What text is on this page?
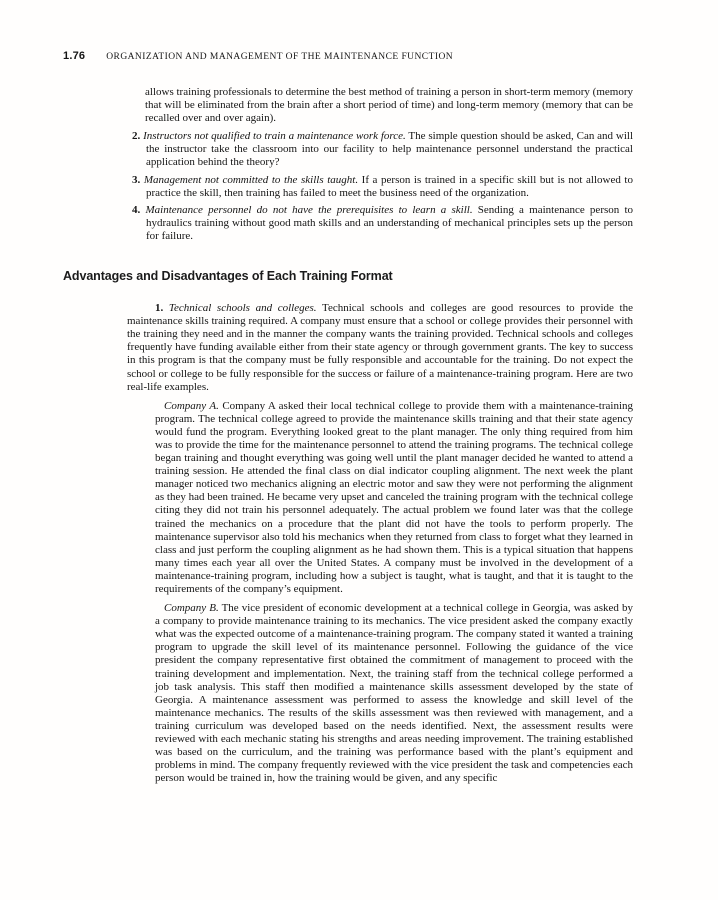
1.76 ORGANIZATION AND MANAGEMENT OF THE MAINTENANCE FUNCTION

allows training professionals to determine the best method of training a person in short-term memory (memory that will be eliminated from the brain after a short period of time) and long-term memory (memory that can be recalled over and over again).

2. Instructors not qualified to train a maintenance work force. The simple question should be asked, Can and will the instructor take the classroom into our facility to help maintenance personnel understand the practical application behind the theory?

3. Management not committed to the skills taught. If a person is trained in a specific skill but is not allowed to practice the skill, then training has failed to meet the business need of the organization.

4. Maintenance personnel do not have the prerequisites to learn a skill. Sending a maintenance person to hydraulics training without good math skills and an understanding of mechanical principles sets up the person for failure.

Advantages and Disadvantages of Each Training Format

1. Technical schools and colleges. Technical schools and colleges are good resources to provide the maintenance skills training required. A company must ensure that a school or college provides their personnel with the training they need and in the manner the company wants the training provided. Technical schools and colleges frequently have funding available either from their state agency or through government grants. The key to success in this program is that the company must be fully responsible and accountable for the training. Do not expect the school or college to be fully responsible for the success or failure of a maintenance-training program. Here are two real-life examples.

Company A. Company A asked their local technical college to provide them with a maintenance-training program. The technical college agreed to provide the maintenance skills training and that their state agency would fund the program. Everything looked great to the plant manager. The only thing required from him was to provide the time for the maintenance personnel to attend the training programs. The technical college began training and thought everything was going well until the plant manager decided he wanted to attend a training session. He attended the final class on dial indicator coupling alignment. The next week the plant manager noticed two mechanics aligning an electric motor and saw they were not performing the alignment as they had been trained. He became very upset and canceled the training program with the technical college citing they did not train his personnel adequately. The actual problem we found later was that the college trained the mechanics on a procedure that the plant did not have the tools to perform properly. The maintenance supervisor also told his mechanics when they returned from class to forget what they learned in class and just perform the coupling alignment as he had shown them. This is a typical situation that happens many times each year all over the United States. A company must be involved in the development of a maintenance-training program, including how a subject is taught, what is taught, and that it is taught to the requirements of the company’s equipment.

Company B. The vice president of economic development at a technical college in Georgia, was asked by a company to provide maintenance training to its mechanics. The vice president asked the company exactly what was the expected outcome of a maintenance-training program. The company stated it wanted a training program to upgrade the skill level of its maintenance personnel. Following the guidance of the vice president the company representative first obtained the commitment of management to proceed with the training development and implementation. Next, the training staff from the technical college performed a job task analysis. This staff then modified a maintenance skills assessment developed by the state of Georgia. A maintenance assessment was performed to assess the knowledge and skill level of the maintenance mechanics. The results of the skills assessment was then reviewed with management, and a training curriculum was developed based on the needs identified. Next, the assessment results were reviewed with each mechanic stating his strengths and areas needing improvement. The training established was based on the curriculum, and the training was performance based with the plant’s equipment and problems in mind. The company frequently reviewed with the vice president the task and competencies each person would be trained in, how the training would be given, and any specific
